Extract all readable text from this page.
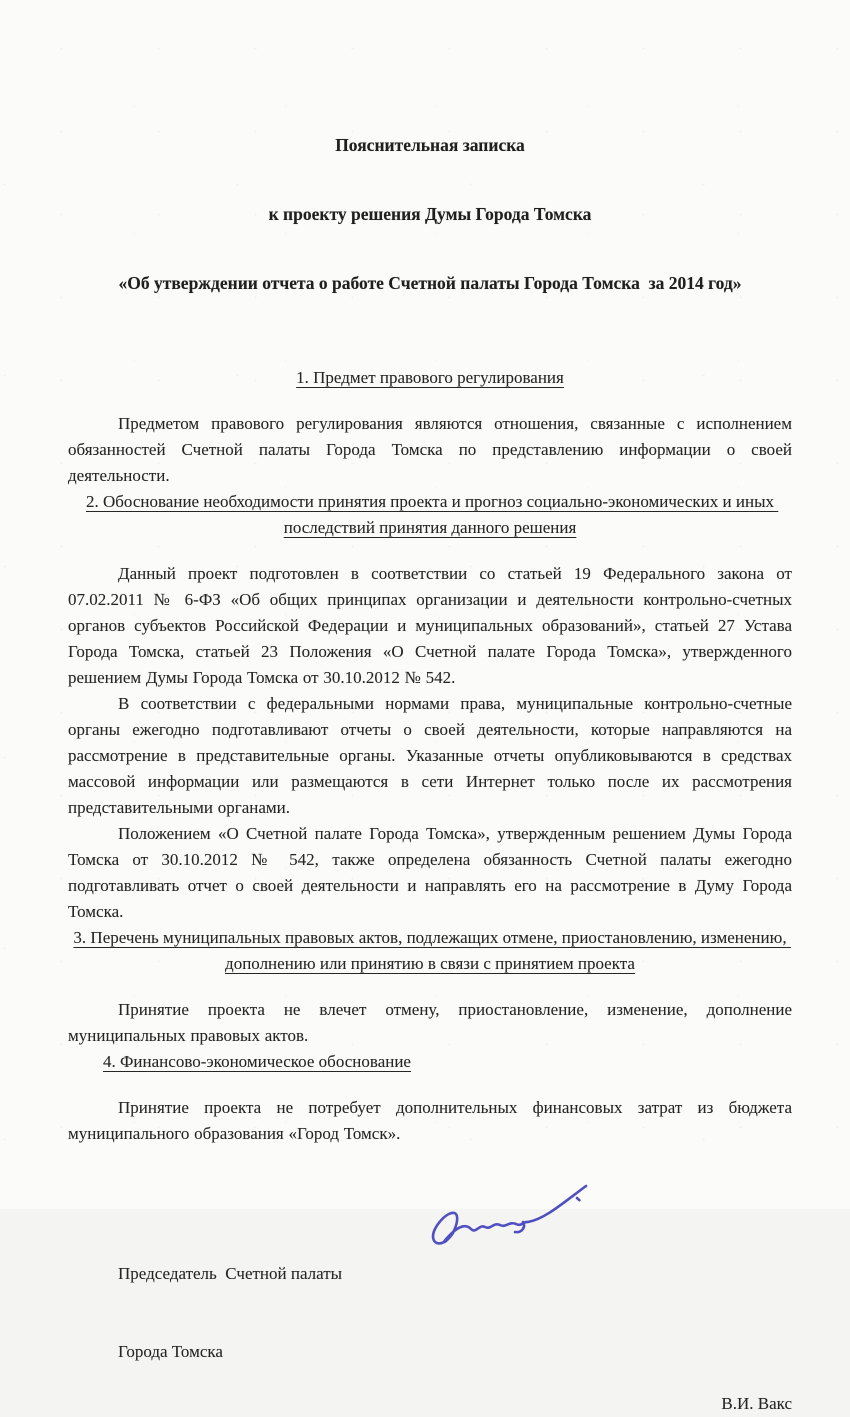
Пояснительная записка

к проекту решения Думы Города Томска

«Об утверждении отчета о работе Счетной палаты Города Томска  за 2014 год»

1. Предмет правового регулирования

Предметом правового регулирования являются отношения, связанные с исполнением обязанностей Счетной палаты Города Томска по представлению информации о своей  деятельности.

2. Обоснование необходимости принятия проекта и прогноз социально-экономических и иных последствий принятия данного решения

Данный проект подготовлен в соответствии со статьей 19 Федерального закона от 07.02.2011 № 6-ФЗ «Об общих принципах организации и деятельности контрольно-счетных органов субъектов Российской Федерации и муниципальных образований», статьей 27 Устава Города Томска, статьей 23 Положения «О Счетной палате Города Томска», утвержденного решением Думы Города Томска от 30.10.2012 № 542.

В соответствии с федеральными нормами права, муниципальные контрольно-счетные органы ежегодно подготавливают отчеты о своей деятельности, которые направляются на рассмотрение в представительные органы. Указанные отчеты опубликовываются в средствах массовой информации или размещаются в сети Интернет только после их рассмотрения представительными органами.

Положением «О Счетной палате Города Томска», утвержденным решением Думы Города Томска от 30.10.2012 № 542, также определена обязанность Счетной палаты ежегодно подготавливать отчет о своей деятельности и направлять его на рассмотрение в Думу Города Томска.

3. Перечень муниципальных правовых актов, подлежащих отмене, приостановлению, изменению, дополнению или принятию в связи с принятием проекта

Принятие проекта не влечет отмену, приостановление, изменение, дополнение муниципальных правовых актов.

4. Финансово-экономическое обоснование

Принятие проекта не потребует дополнительных финансовых затрат из бюджета муниципального образования «Город Томск».

Председатель  Счетной палаты

Города Томска

В.И. Вакс
